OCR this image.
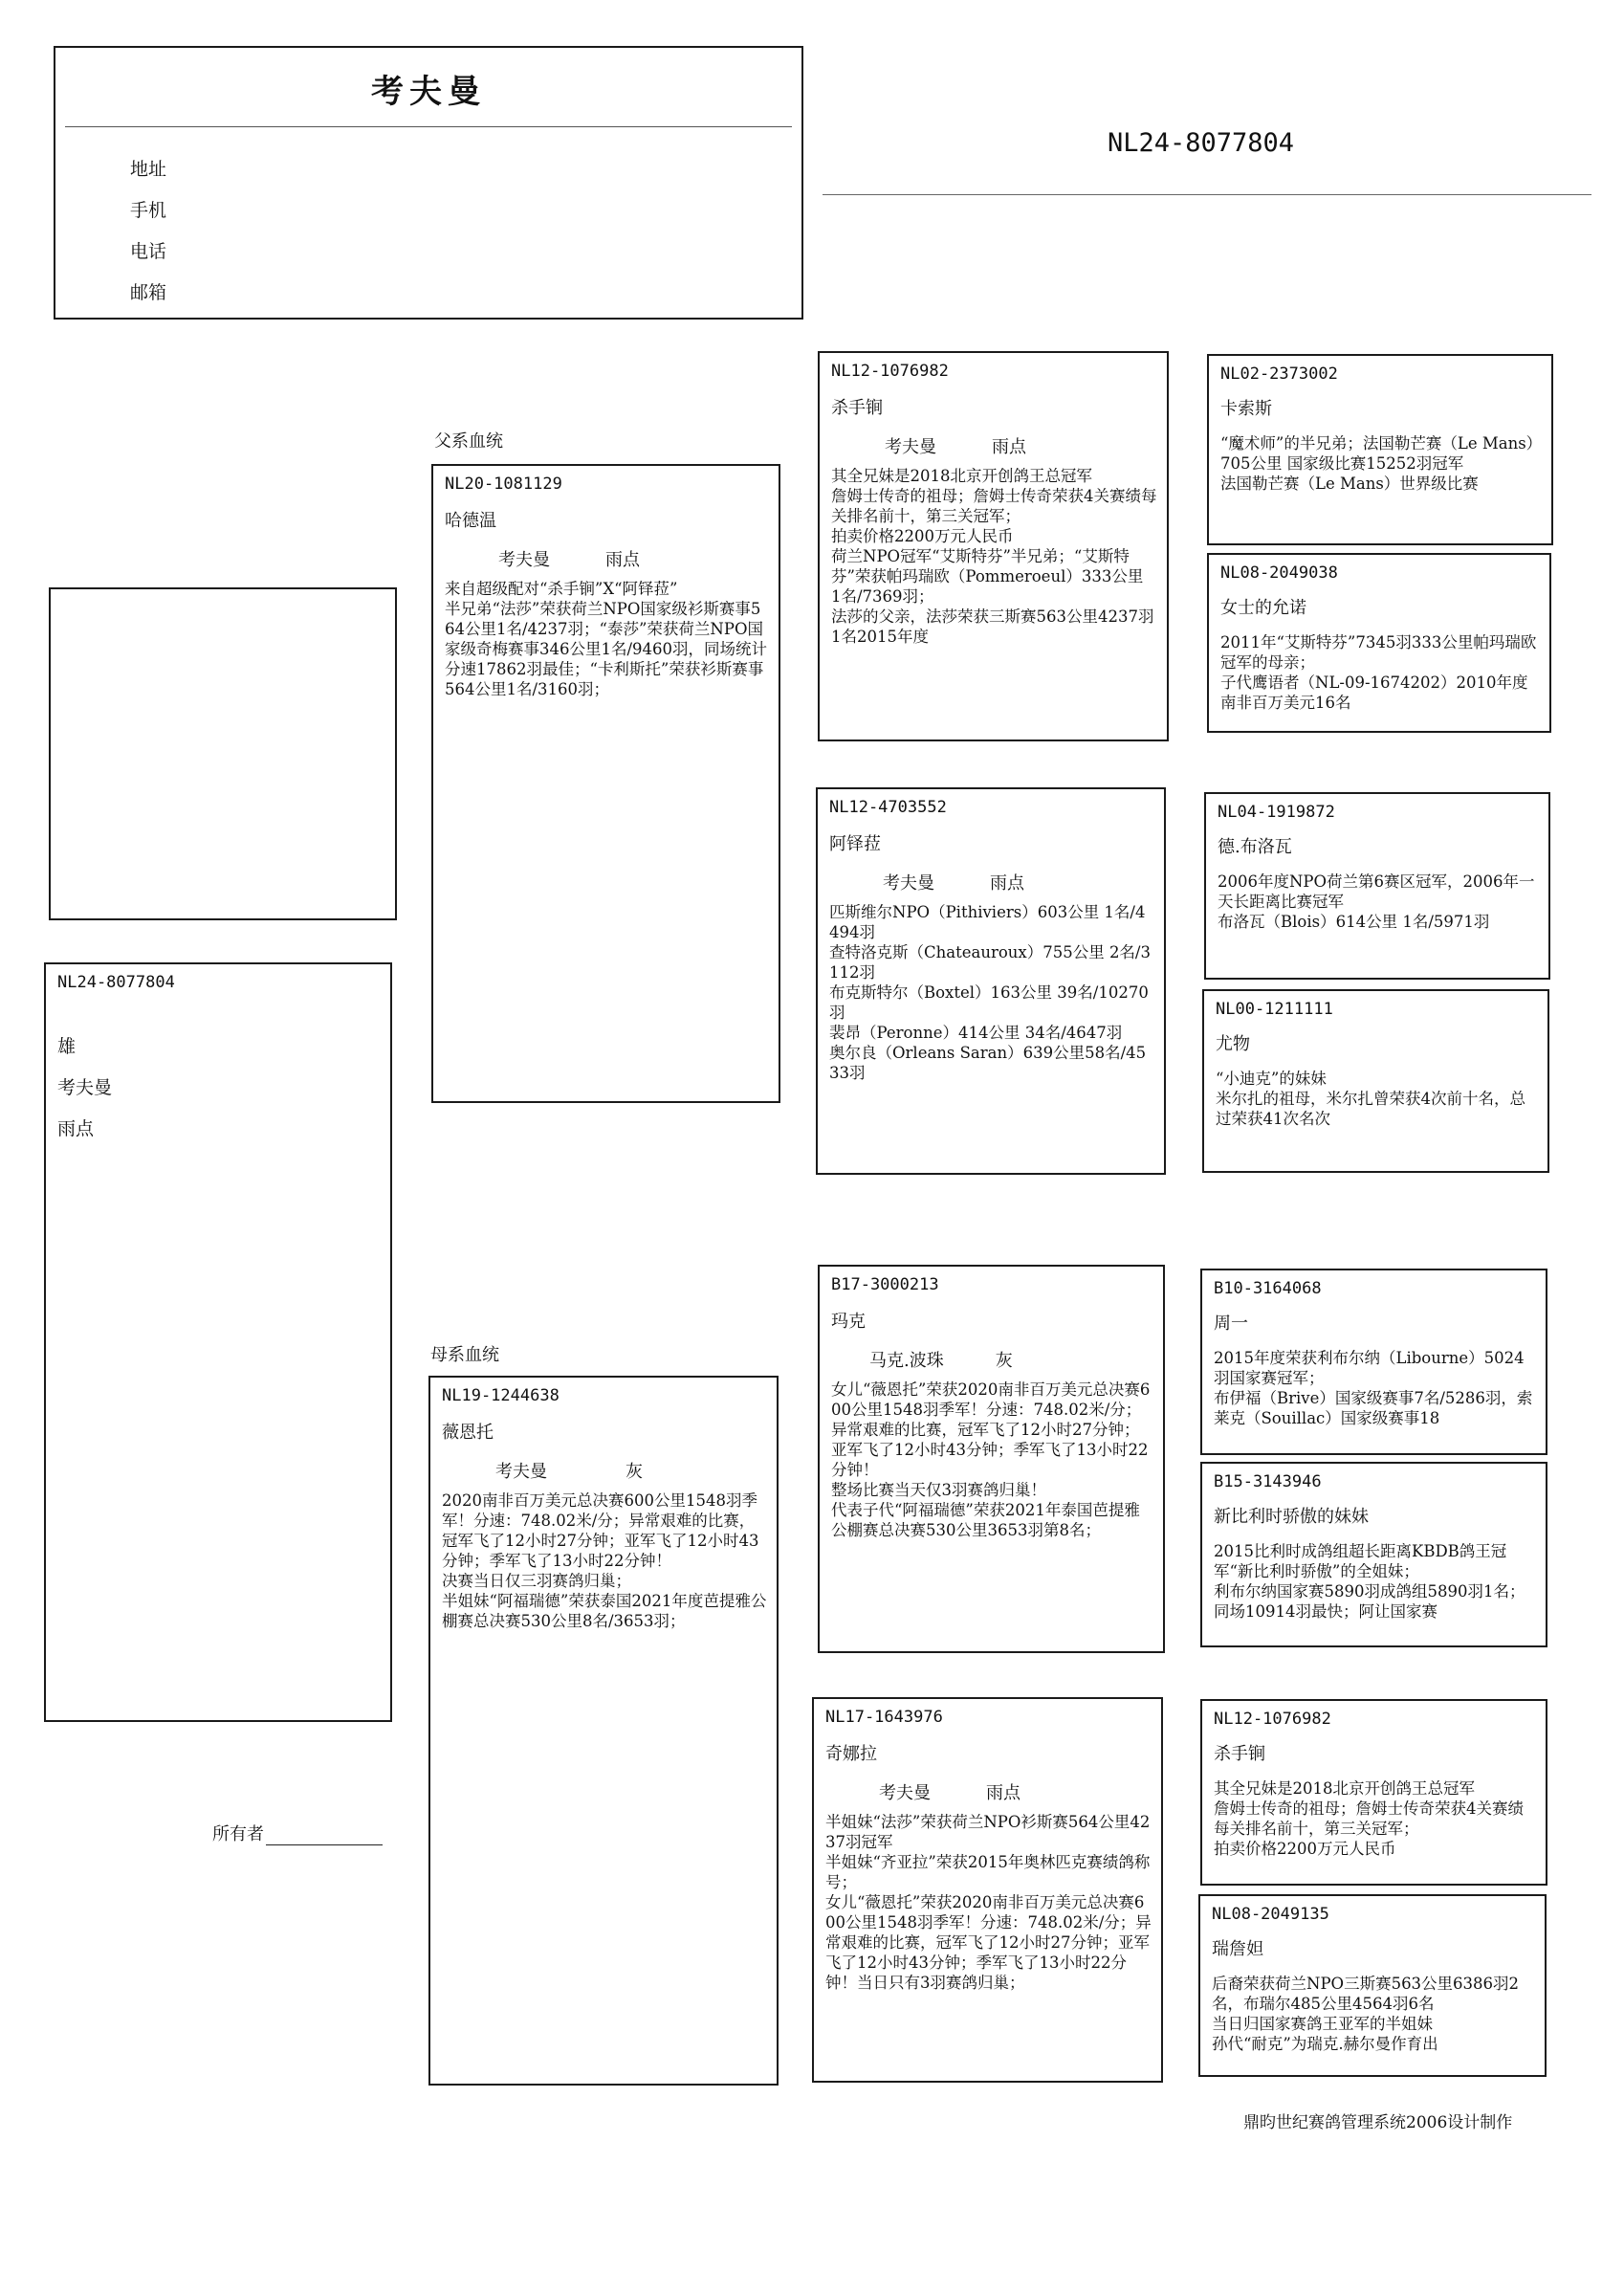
考夫曼
地址
手机
电话
邮箱
NL24-8077804
NL24-8077804
雄
考夫曼
雨点
父系血统
母系血统
NL20-1081129
哈德温
考夫曼	雨点
来自超级配对“杀手锏”X“阿铎菈”
半兄弟“法莎”荣获荷兰NPO国家级衫斯赛事564公里1名/4237羽；“泰莎”荣获荷兰NPO国家级奇梅赛事346公里1名/9460羽，同场统计分速17862羽最佳；“卡利斯托”荣获衫斯赛事564公里1名/3160羽；
NL19-1244638
薇恩托
考夫曼	灰
2020南非百万美元总决赛600公里1548羽季军！分速：748.02米/分；异常艰难的比赛，冠军飞了12小时27分钟；亚军飞了12小时43分钟；季军飞了13小时22分钟！
决赛当日仅三羽赛鸽归巢；
半姐妹“阿福瑞德”荣获泰国2021年度芭提雅公棚赛总决赛530公里8名/3653羽；
NL12-1076982
杀手锏
考夫曼	雨点
其全兄妹是2018北京开创鸽王总冠军
詹姆士传奇的祖母；詹姆士传奇荣获4关赛绩每关排名前十，第三关冠军；
拍卖价格2200万元人民币
荷兰NPO冠军“艾斯特芬”半兄弟；“艾斯特芬”荣获帕玛瑞欧（Pommeroeul）333公里 1名/7369羽；
法莎的父亲，法莎荣获三斯赛563公里4237羽1名2015年度
NL12-4703552
阿铎菈
考夫曼	雨点
匹斯维尔NPO（Pithiviers）603公里 1名/4494羽
查特洛克斯（Chateauroux）755公里 2名/3112羽
布克斯特尔（Boxtel）163公里 39名/10270羽
裴昂（Peronne）414公里 34名/4647羽
奥尔良（Orleans Saran）639公里58名/4533羽
B17-3000213
玛克
马克.波珠	灰
女儿“薇恩托”荣获2020南非百万美元总决赛600公里1548羽季军！分速：748.02米/分；异常艰难的比赛，冠军飞了12小时27分钟；亚军飞了12小时43分钟；季军飞了13小时22分钟！
整场比赛当天仅3羽赛鸽归巢！
代表子代“阿福瑞德”荣获2021年泰国芭提雅公棚赛总决赛530公里3653羽第8名；
NL17-1643976
奇娜拉
考夫曼	雨点
半姐妹“法莎”荣获荷兰NPO衫斯赛564公里4237羽冠军
半姐妹“齐亚拉”荣获2015年奥林匹克赛绩鸽称号；
女儿“薇恩托”荣获2020南非百万美元总决赛600公里1548羽季军！分速：748.02米/分；异常艰难的比赛，冠军飞了12小时27分钟；亚军飞了12小时43分钟；季军飞了13小时22分钟！当日只有3羽赛鸽归巢；
NL02-2373002
卡索斯
“魔术师”的半兄弟；法国勒芒赛（Le Mans）705公里 国家级比赛15252羽冠军
法国勒芒赛（Le Mans）世界级比赛
NL08-2049038
女士的允诺
2011年“艾斯特芬”7345羽333公里帕玛瑞欧冠军的母亲；
子代鹰语者（NL-09-1674202）2010年度南非百万美元16名
NL04-1919872
德.布洛瓦
2006年度NPO荷兰第6赛区冠军，2006年一天长距离比赛冠军
布洛瓦（Blois）614公里 1名/5971羽
NL00-1211111
尤物
“小迪克”的妹妹
米尔扎的祖母，米尔扎曾荣获4次前十名，总过荣获41次名次
B10-3164068
周一
2015年度荣获利布尔纳（Libourne）5024羽国家赛冠军；
布伊福（Brive）国家级赛事7名/5286羽，索莱克（Souillac）国家级赛事18
B15-3143946
新比利时骄傲的妹妹
2015比利时成鸽组超长距离KBDB鸽王冠军“新比利时骄傲”的全姐妹；
利布尔纳国家赛5890羽成鸽组5890羽1名；同场10914羽最快；阿让国家赛
NL12-1076982
杀手锏
其全兄妹是2018北京开创鸽王总冠军
詹姆士传奇的祖母；詹姆士传奇荣获4关赛绩每关排名前十，第三关冠军；
拍卖价格2200万元人民币
NL08-2049135
瑞詹妲
后裔荣获荷兰NPO三斯赛563公里6386羽2名，布瑞尔485公里4564羽6名
当日归国家赛鸽王亚军的半姐妹
孙代“耐克”为瑞克.赫尔曼作育出
所有者
鼎昀世纪赛鸽管理系统2006设计制作
